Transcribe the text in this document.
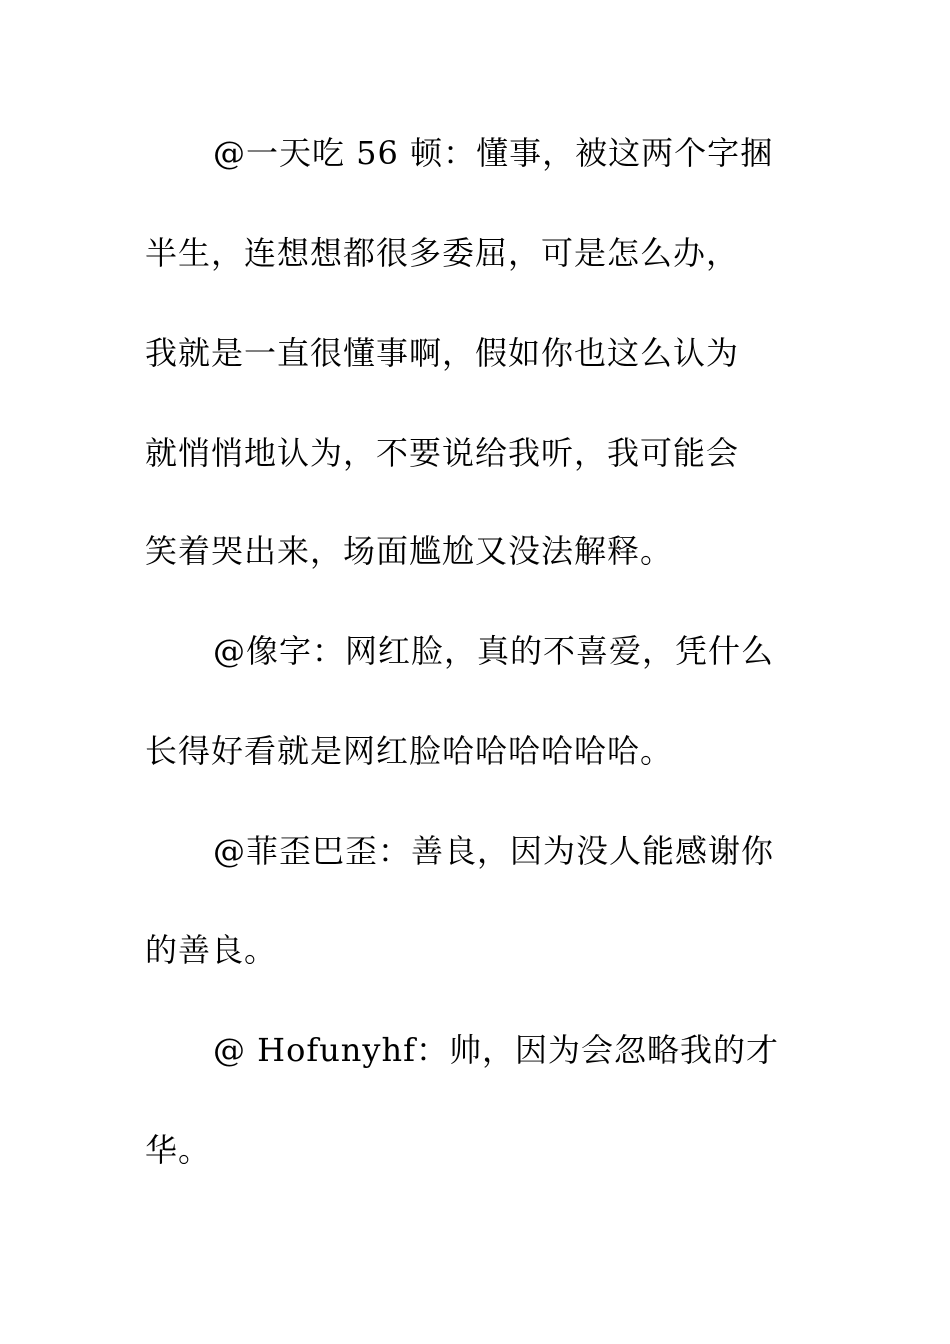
@一天吃 56 顿：懂事，被这两个字捆
半生，连想想都很多委屈，可是怎么办，
我就是一直很懂事啊，假如你也这么认为
就悄悄地认为，不要说给我听，我可能会
笑着哭出来，场面尴尬又没法解释。
@像字：网红脸，真的不喜爱，凭什么
长得好看就是网红脸哈哈哈哈哈哈。
@菲歪巴歪：善良，因为没人能感谢你
的善良。
@ Hofunyhf：帅，因为会忽略我的才
华。
